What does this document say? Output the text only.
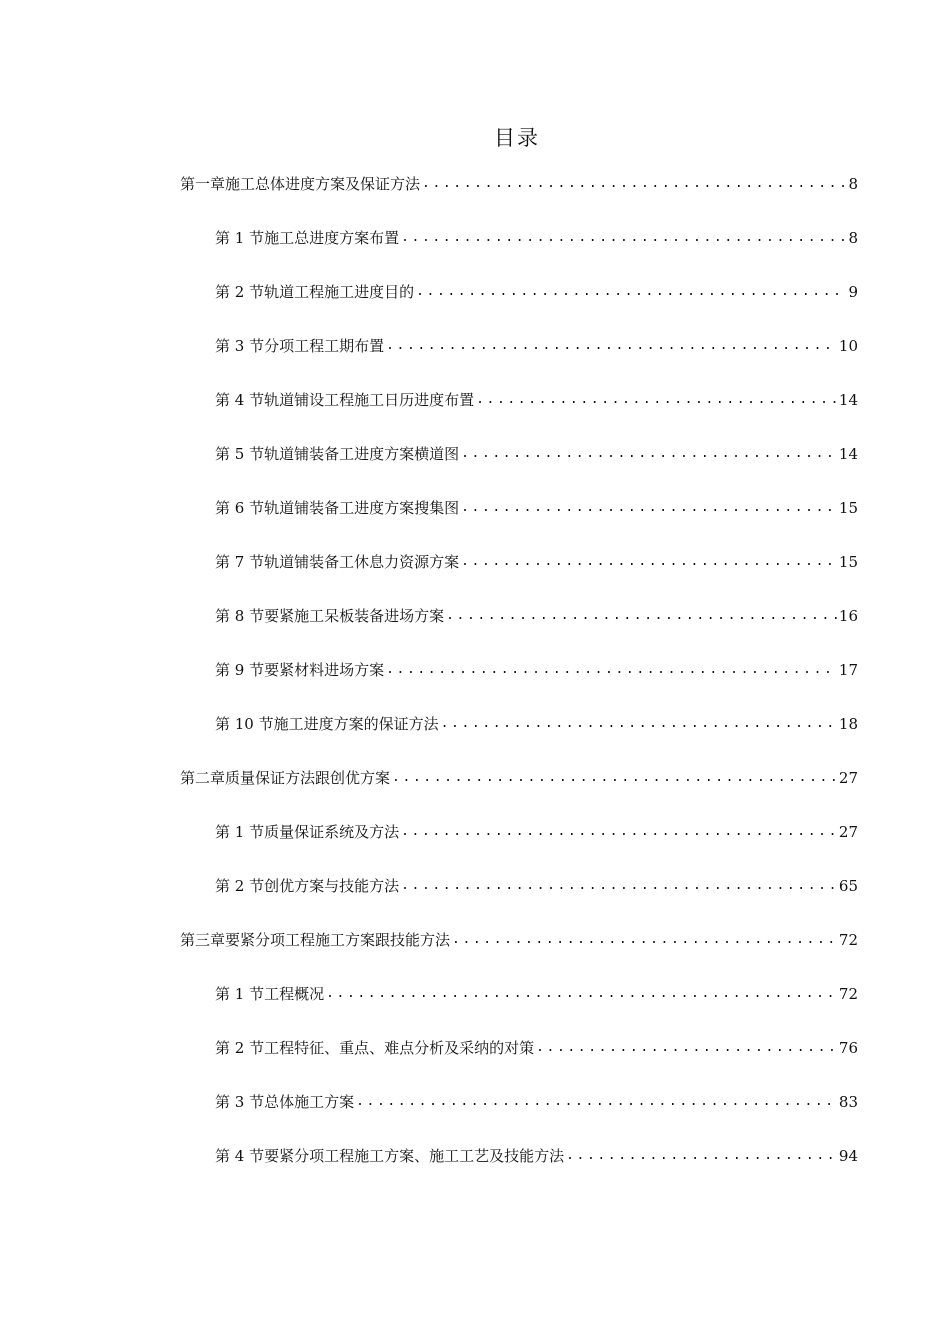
目录
第一章施工总体进度方案及保证方法 .....	8
第 1 节施工总进度方案布置 .....	8
第 2 节轨道工程施工进度目的 .....	9
第 3 节分项工程工期布置 .....	10
第 4 节轨道铺设工程施工日历进度布置 .....	14
第 5 节轨道铺装备工进度方案横道图 .....	14
第 6 节轨道铺装备工进度方案搜集图 .....	15
第 7 节轨道铺装备工休息力资源方案 .....	15
第 8 节要紧施工呆板装备进场方案 .....	16
第 9 节要紧材料进场方案 .....	17
第 10 节施工进度方案的保证方法 .....	18
第二章质量保证方法跟创优方案 .....	27
第 1 节质量保证系统及方法 .....	27
第 2 节创优方案与技能方法 .....	65
第三章要紧分项工程施工方案跟技能方法 .....	72
第 1 节工程概况 .....	72
第 2 节工程特征、重点、难点分析及采纳的对策 .....	76
第 3 节总体施工方案 .....	83
第 4 节要紧分项工程施工方案、施工工艺及技能方法 .....	94
